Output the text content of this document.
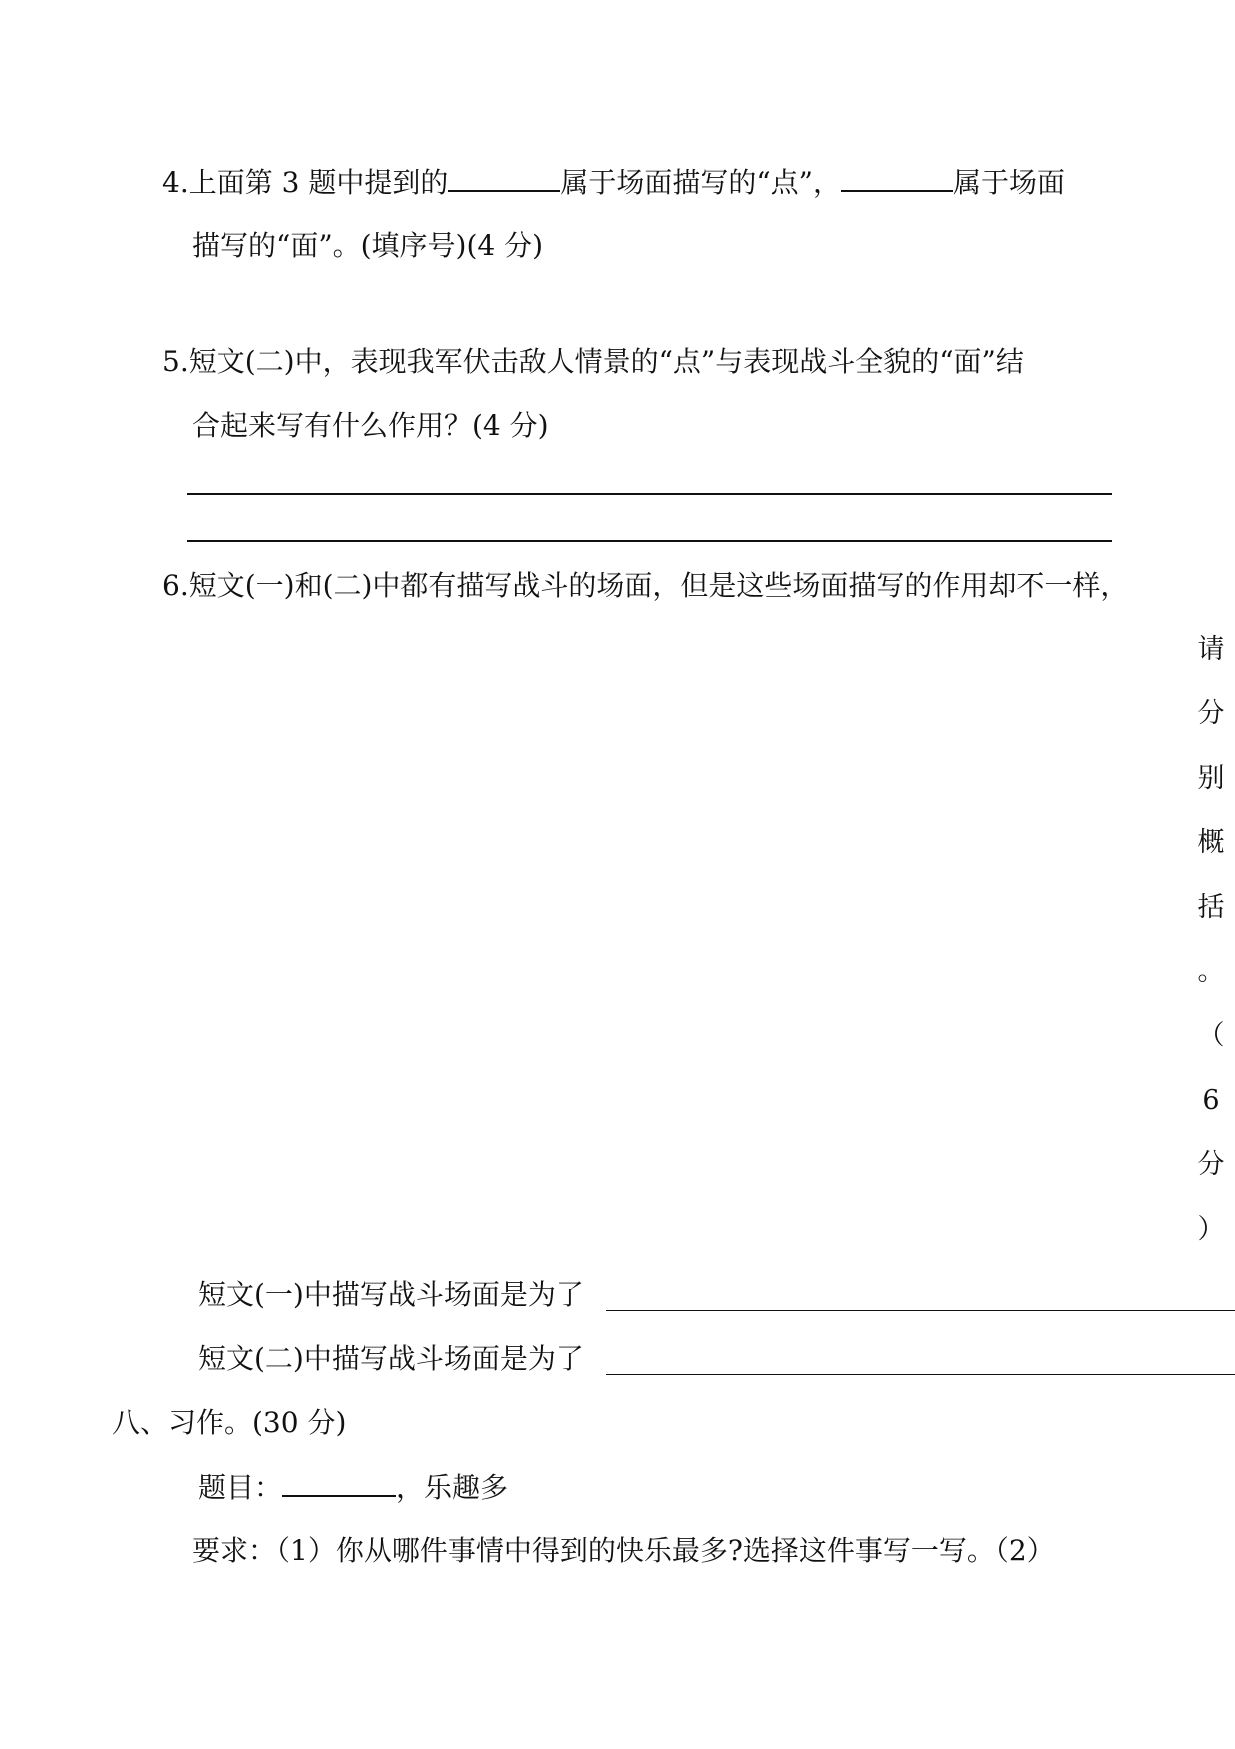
4.上面第 3 题中提到的	属于场面描写的“点”，	属于场面
描写的“面”。(填序号)(4 分)
5.短文(二)中，表现我军伏击敌人情景的“点”与表现战斗全貌的“面”结
合起来写有什么作用？(4 分)
6.短文(一)和(二)中都有描写战斗的场面，但是这些场面描写的作用却不一样，
请
分
别
概
括
。
（
6
分
）
短文(一)中描写战斗场面是为了
短文(二)中描写战斗场面是为了
八、习作。(30 分)
题目：	，乐趣多
要求：（1）你从哪件事情中得到的快乐最多?选择这件事写一写。（2）
